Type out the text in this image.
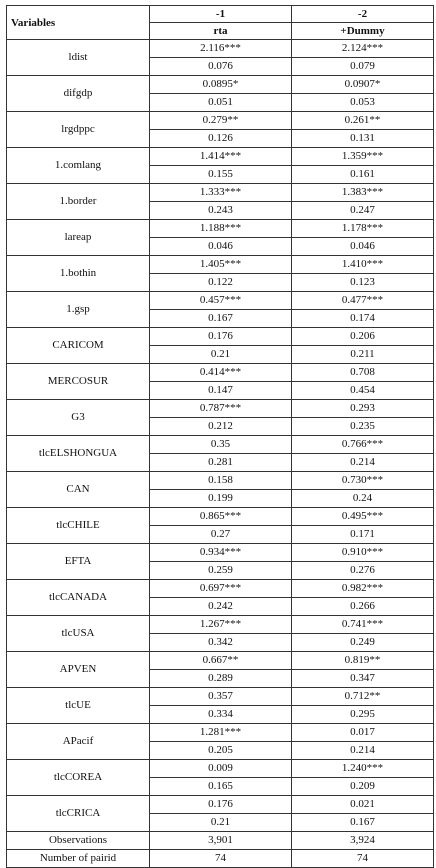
Variables	-1	-2
	rta	+Dummy
ldist	2.116***	2.124***
	0.076	0.079
difgdp	0.0895*	0.0907*
	0.051	0.053
lrgdppc	0.279**	0.261**
	0.126	0.131
1.comlang	1.414***	1.359***
	0.155	0.161
1.border	1.333***	1.383***
	0.243	0.247
lareap	1.188***	1.178***
	0.046	0.046
1.bothin	1.405***	1.410***
	0.122	0.123
1.gsp	0.457***	0.477***
	0.167	0.174
CARICOM	0.176	0.206
	0.21	0.211
MERCOSUR	0.414***	0.708
	0.147	0.454
G3	0.787***	0.293
	0.212	0.235
tlcELSHONGUA	0.35	0.766***
	0.281	0.214
CAN	0.158	0.730***
	0.199	0.24
tlcCHILE	0.865***	0.495***
	0.27	0.171
EFTA	0.934***	0.910***
	0.259	0.276
tlcCANADA	0.697***	0.982***
	0.242	0.266
tlcUSA	1.267***	0.741***
	0.342	0.249
APVEN	0.667**	0.819**
	0.289	0.347
tlcUE	0.357	0.712**
	0.334	0.295
APacif	1.281***	0.017
	0.205	0.214
tlcCOREA	0.009	1.240***
	0.165	0.209
tlcCRICA	0.176	0.021
	0.21	0.167
Observations	3,901	3,924
Number of pairid	74	74
